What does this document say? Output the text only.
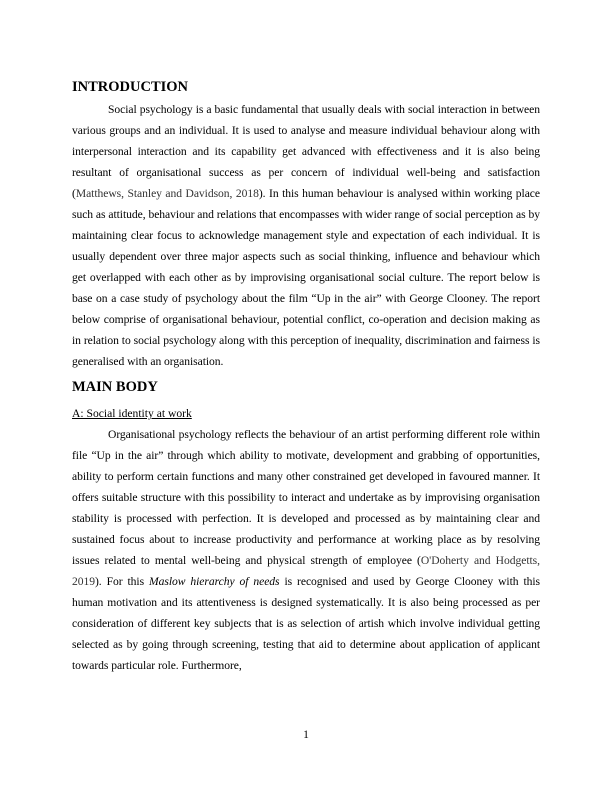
INTRODUCTION

Social psychology is a basic fundamental that usually deals with social interaction in between various groups and an individual. It is used to analyse and measure individual behaviour along with interpersonal interaction and its capability get advanced with effectiveness and it is also being resultant of organisational success as per concern of individual well-being and satisfaction (Matthews, Stanley and Davidson, 2018). In this human behaviour is analysed within working place such as attitude, behaviour and relations that encompasses with wider range of social perception as by maintaining clear focus to acknowledge management style and expectation of each individual. It is usually dependent over three major aspects such as social thinking, influence and behaviour which get overlapped with each other as by improvising organisational social culture. The report below is base on a case study of psychology about the film “Up in the air” with George Clooney. The report below comprise of organisational behaviour, potential conflict, co-operation and decision making as in relation to social psychology along with this perception of inequality, discrimination and fairness is generalised with an organisation.

MAIN BODY
A: Social identity at work

Organisational psychology reflects the behaviour of an artist performing different role within file “Up in the air” through which ability to motivate, development and grabbing of opportunities, ability to perform certain functions and many other constrained get developed in favoured manner. It offers suitable structure with this possibility to interact and undertake as by improvising organisation stability is processed with perfection. It is developed and processed as by maintaining clear and sustained focus about to increase productivity and performance at working place as by resolving issues related to mental well-being and physical strength of employee (O'Doherty and Hodgetts, 2019). For this Maslow hierarchy of needs is recognised and used by George Clooney with this human motivation and its attentiveness is designed systematically. It is also being processed as per consideration of different key subjects that is as selection of artish which involve individual getting selected as by going through screening, testing that aid to determine about application of applicant towards particular role. Furthermore,

1
